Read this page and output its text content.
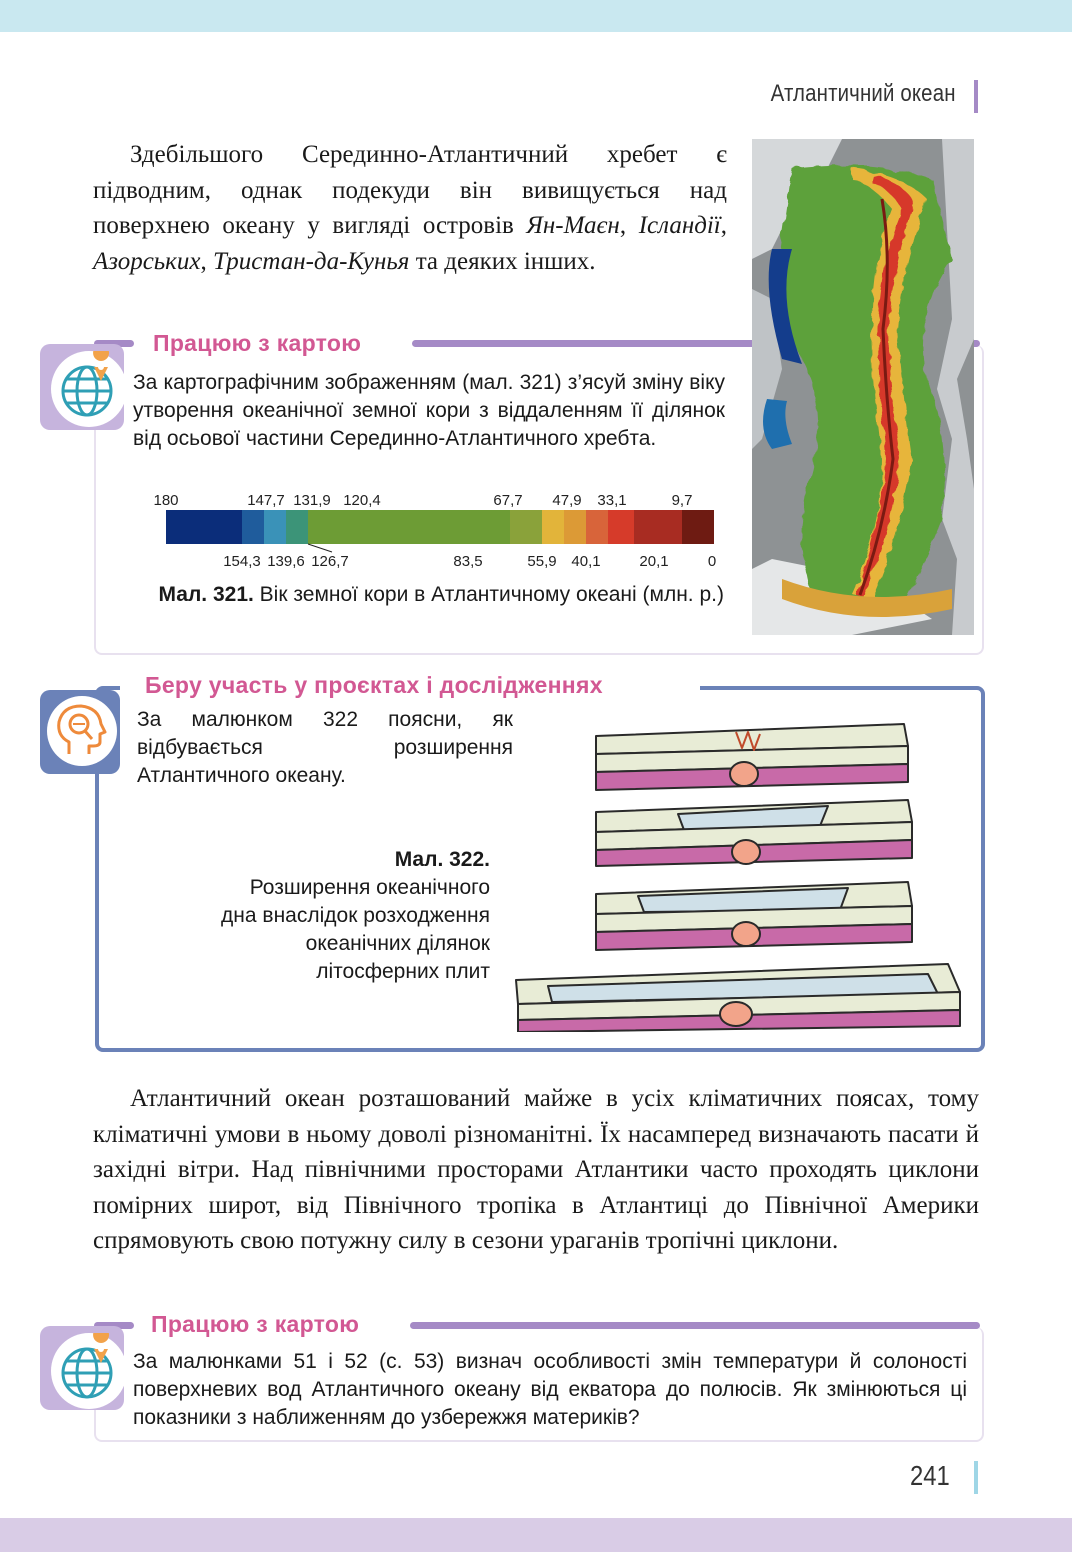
Атлантичний океан

Здебільшого Серединно-Атлантичний хребет є підводним, однак подекуди він вивищується над поверхнею океану у вигляді островів Ян-Маєн, Ісландії, Азорських, Тристан-да-Кунья та деяких інших.

Працюю з картою
За картографічним зображенням (мал. 321) з’ясуй зміну віку утворення океанічної земної кори з віддаленням її ділянок від осьової частини Серединно-Атлантичного хребта.
180	147,7 131,9 120,4	67,7 47,9 33,1	9,7
154,3 139,6 126,7	83,5	55,9 40,1	20,1	0
Мал. 321. Вік земної кори в Атлантичному океані (млн. р.)
Беру участь у проєктах і дослідженнях
За малюнком 322 поясни, як відбувається розширення Атлантичного океану.
Мал. 322.
Розширення океанічного
дна внаслідок розходження
океанічних ділянок
літосферних плит
Атлантичний океан розташований майже в усіх кліматичних поясах, тому кліматичні умови в ньому доволі різноманітні. Їх насамперед визначають пасати й західні вітри. Над північними просторами Атлантики часто проходять циклони помірних широт, від Північного тропіка в Атлантиці до Північної Америки спрямовують свою потужну силу в сезони ураганів тропічні циклони.
Працюю з картою
За малюнками 51 і 52 (с. 53) визнач особливості змін температури й солоності поверхневих вод Атлантичного океану від екватора до полюсів. Як змінюються ці показники з наближенням до узбережжя материків?
241
